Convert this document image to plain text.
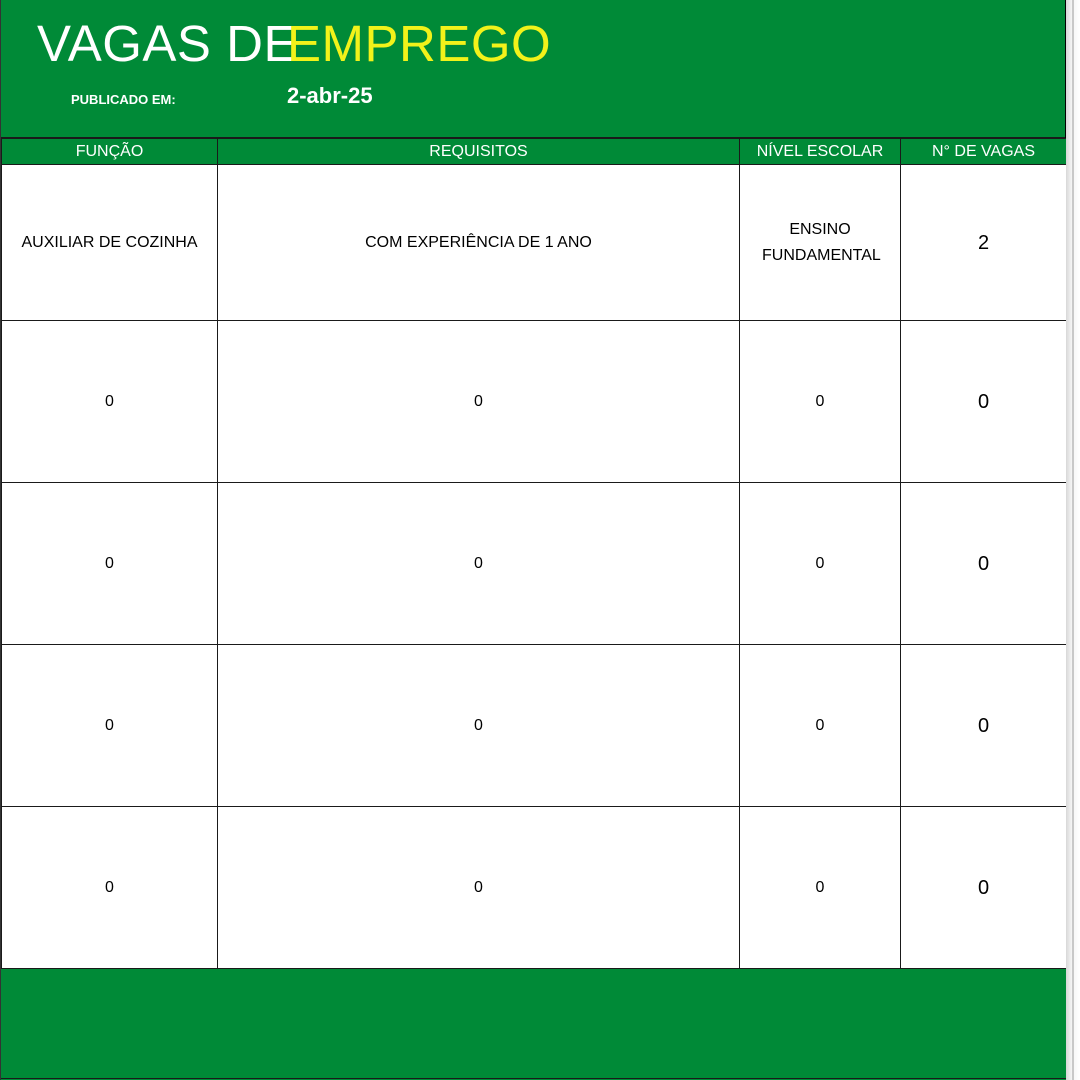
VAGAS DE
EMPREGO
PUBLICADO EM:	2-abr-25
FUNÇÃO	REQUISITOS	NÍVEL ESCOLAR	N° DE VAGAS
AUXILIAR DE COZINHA	COM EXPERIÊNCIA DE 1 ANO	ENSINO FUNDAMENTAL	2
0	0	0	0
0	0	0	0
0	0	0	0
0	0	0	0
